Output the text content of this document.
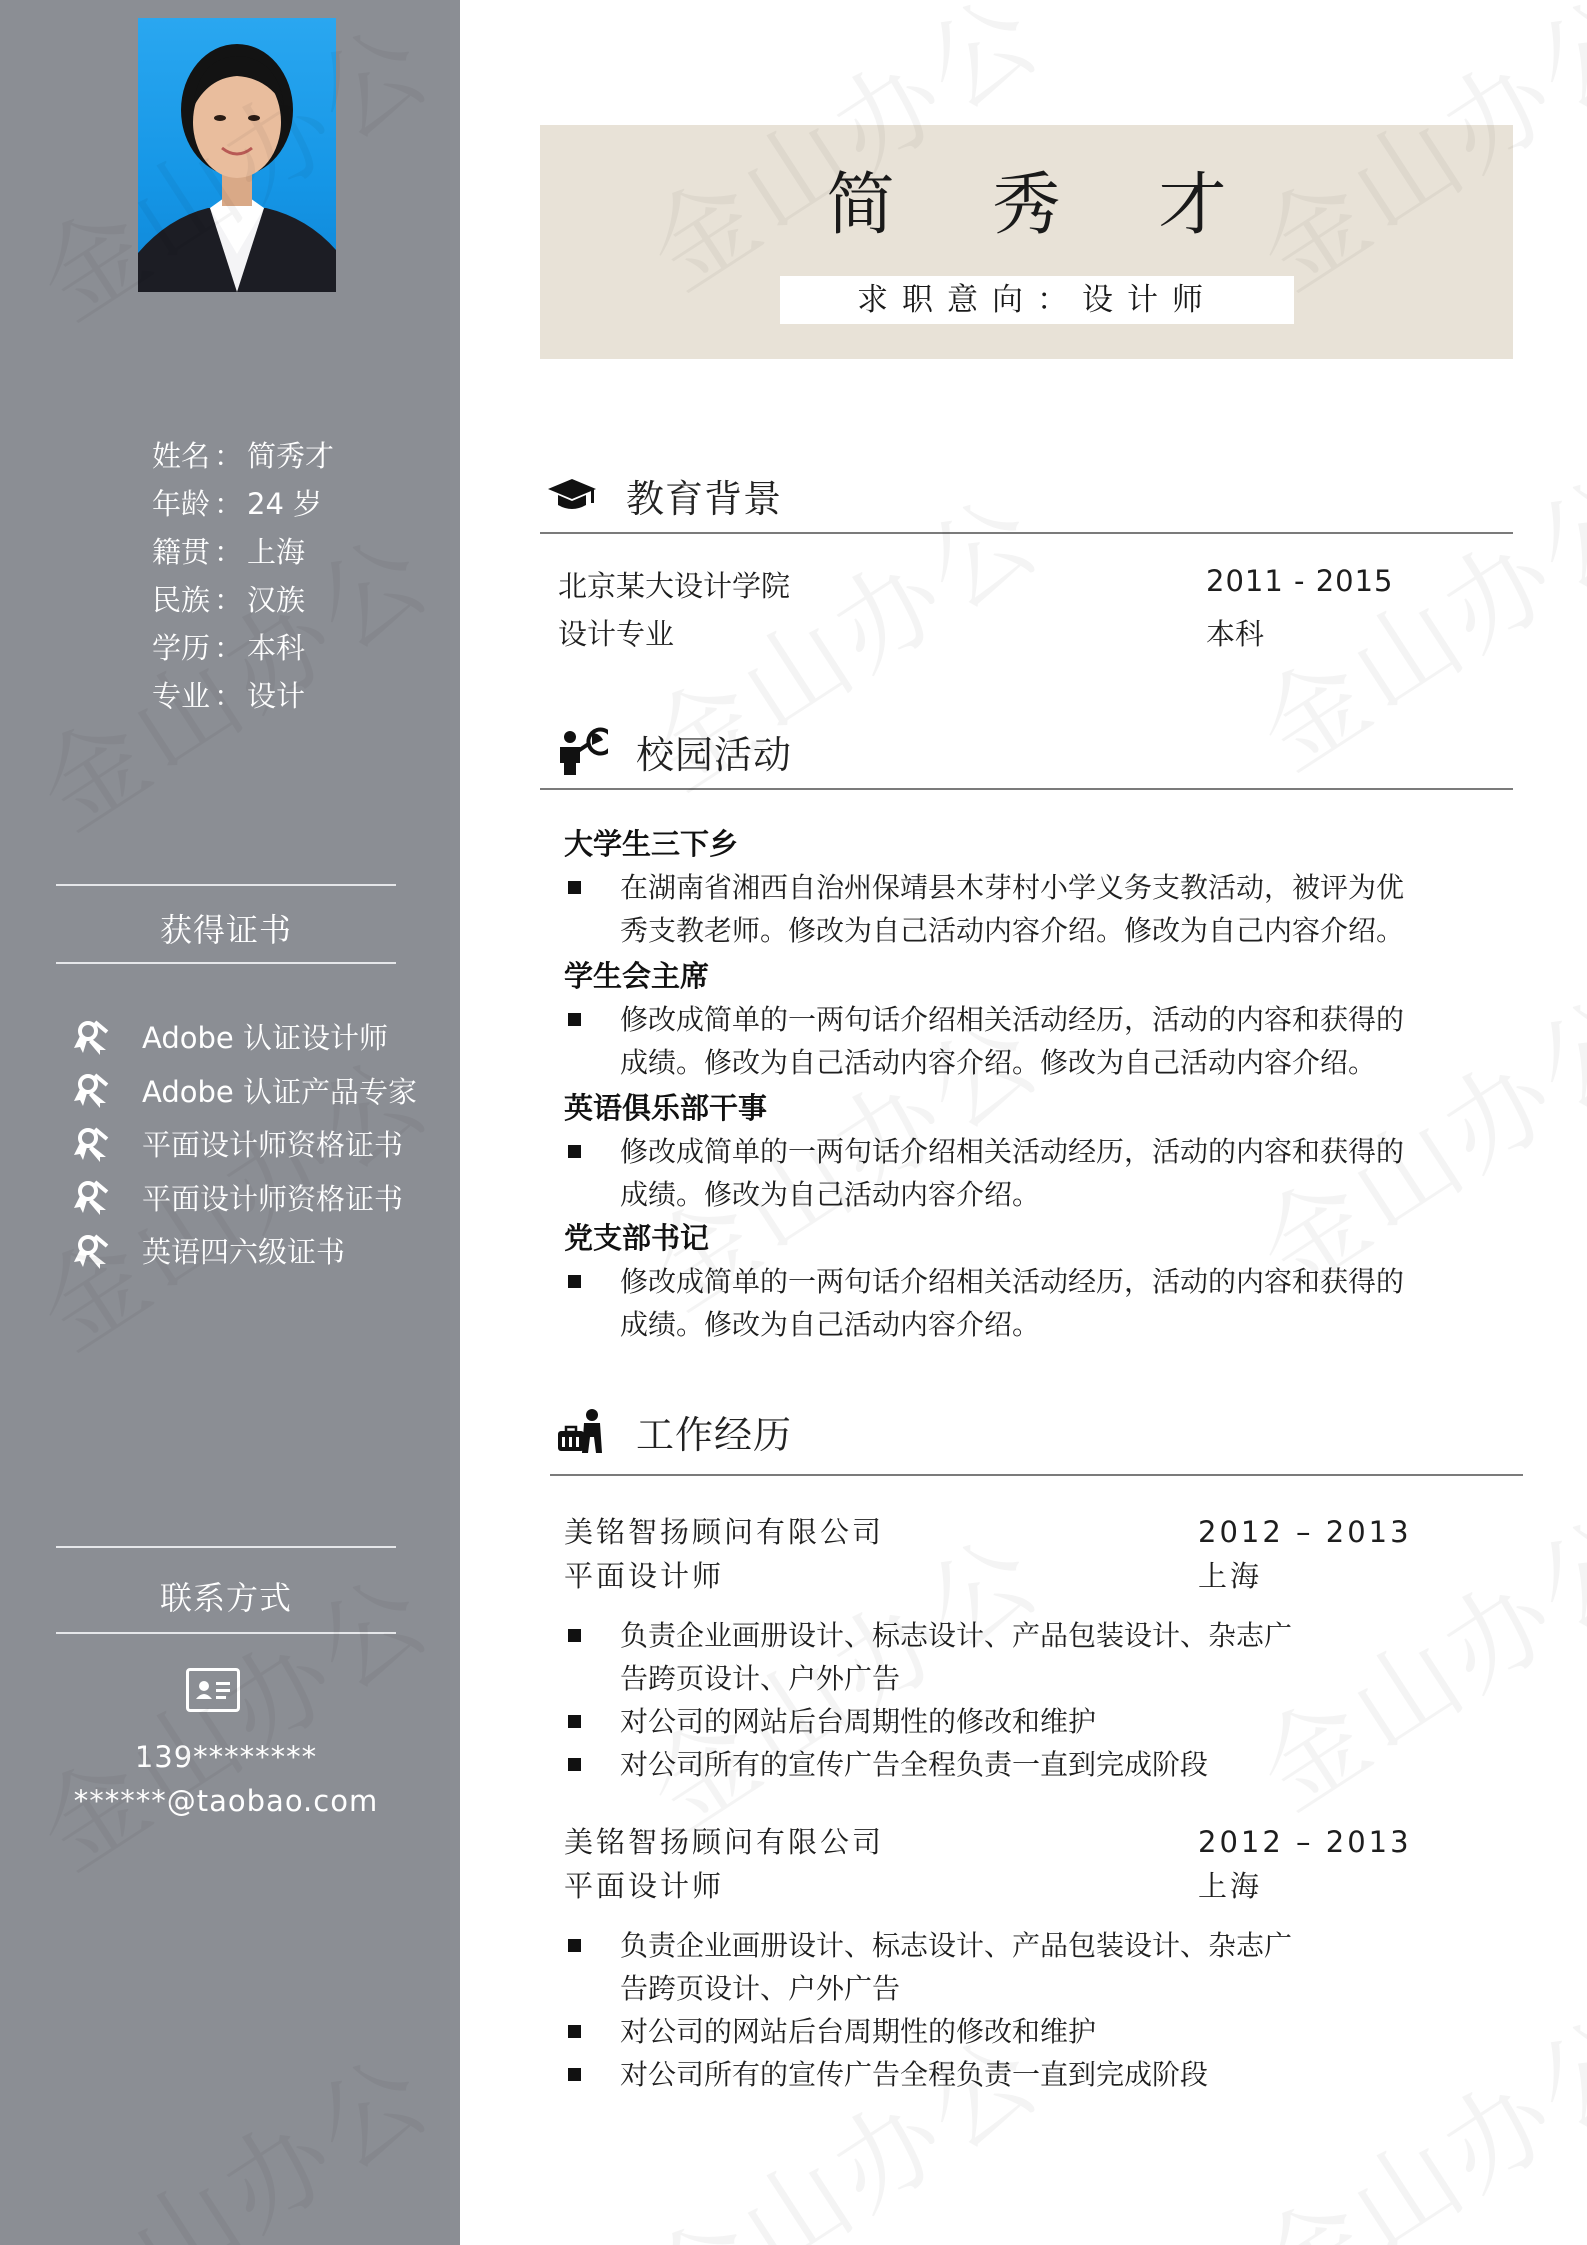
姓名 ： 简秀才
年龄 ： 24 岁
籍贯 ： 上海
民族 ： 汉族
学历 ： 本科
专业 ： 设计
获得证书
Adobe 认证设计师
Adobe 认证产品专家
平面设计师资格证书
平面设计师资格证书
英语四六级证书
联系方式
139********
******@taobao.com
简秀才
求职意向：设计师
教育背景
北京某大设计学院	2011 - 2015
设计专业	本科
校园活动
大学生三下乡
在湖南省湘西自治州保靖县木芽村小学义务支教活动，被评为优
秀支教老师。修改为自己活动内容介绍。修改为自己内容介绍。
学生会主席
修改成简单的一两句话介绍相关活动经历，活动的内容和获得的
成绩。修改为自己活动内容介绍。修改为自己活动内容介绍。
英语俱乐部干事
修改成简单的一两句话介绍相关活动经历，活动的内容和获得的
成绩。修改为自己活动内容介绍。
党支部书记
修改成简单的一两句话介绍相关活动经历，活动的内容和获得的
成绩。修改为自己活动内容介绍。
工作经历
美铭智扬顾问有限公司	2012 – 2013
平面设计师	上海
负责企业画册设计、标志设计、产品包装设计、杂志广
告跨页设计、户外广告
对公司的网站后台周期性的修改和维护
对公司所有的宣传广告全程负责一直到完成阶段
美铭智扬顾问有限公司	2012 – 2013
平面设计师	上海
负责企业画册设计、标志设计、产品包装设计、杂志广
告跨页设计、户外广告
对公司的网站后台周期性的修改和维护
对公司所有的宣传广告全程负责一直到完成阶段
